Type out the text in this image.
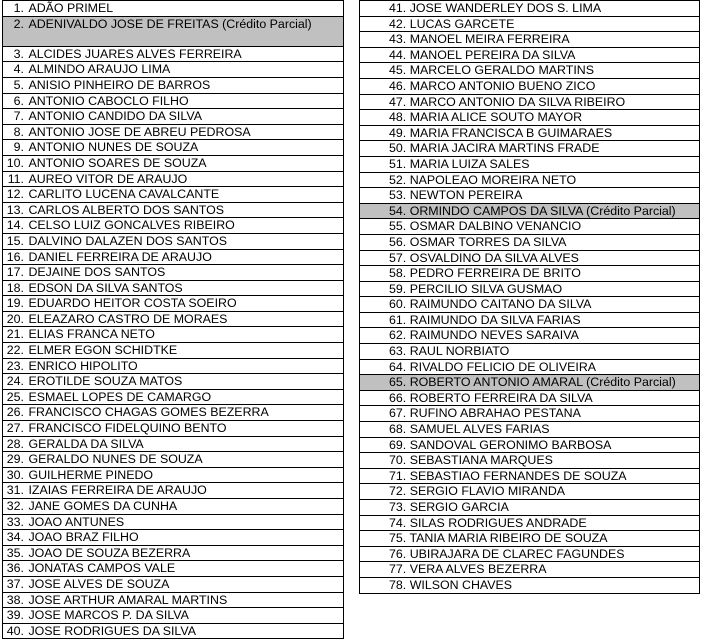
1. ADÃO PRIMEL

2. ADENIVALDO JOSE DE FREITAS (Crédito Parcial)

3. ALCIDES JUARES ALVES FERREIRA
4. ALMINDO ARAUJO LIMA
5. ANISIO PINHEIRO DE BARROS
6. ANTONIO CABOCLO FILHO
7. ANTONIO CANDIDO DA SILVA
8. ANTONIO JOSE DE ABREU PEDROSA
9. ANTONIO NUNES DE SOUZA
10. ANTONIO SOARES DE SOUZA
11. AUREO VITOR DE ARAUJO
12. CARLITO LUCENA CAVALCANTE
13. CARLOS ALBERTO DOS SANTOS
14. CELSO LUIZ GONCALVES RIBEIRO
15. DALVINO DALAZEN DOS SANTOS
16. DANIEL FERREIRA DE ARAUJO
17. DEJAINE DOS SANTOS
18. EDSON DA SILVA SANTOS
19. EDUARDO HEITOR COSTA SOEIRO
20. ELEAZARO CASTRO DE MORAES
21. ELIAS FRANCA NETO
22. ELMER EGON SCHIDTKE
23. ENRICO HIPOLITO
24. EROTILDE SOUZA MATOS
25. ESMAEL LOPES DE CAMARGO
26. FRANCISCO CHAGAS GOMES BEZERRA
27. FRANCISCO FIDELQUINO BENTO
28. GERALDA DA SILVA
29. GERALDO NUNES DE SOUZA
30. GUILHERME PINEDO
31. IZAIAS FERREIRA DE ARAUJO
32. JANE GOMES DA CUNHA
33. JOAO ANTUNES
34. JOAO BRAZ FILHO
35. JOAO DE SOUZA BEZERRA
36. JONATAS CAMPOS VALE
37. JOSE ALVES DE SOUZA
38. JOSE ARTHUR AMARAL MARTINS
39. JOSE MARCOS P. DA SILVA
40. JOSE RODRIGUES DA SILVA
41. JOSE WANDERLEY DOS S. LIMA
42. LUCAS GARCETE
43. MANOEL MEIRA FERREIRA
44. MANOEL PEREIRA DA SILVA
45. MARCELO GERALDO MARTINS
46. MARCO ANTONIO BUENO ZICO
47. MARCO ANTONIO DA SILVA RIBEIRO
48. MARIA ALICE SOUTO MAYOR
49. MARIA FRANCISCA B GUIMARAES
50. MARIA JACIRA MARTINS FRADE
51. MARIA LUIZA SALES
52. NAPOLEAO MOREIRA NETO
53. NEWTON PEREIRA
54. ORMINDO CAMPOS DA SILVA (Crédito Parcial)
55. OSMAR DALBINO VENANCIO
56. OSMAR TORRES DA SILVA
57. OSVALDINO DA SILVA ALVES
58. PEDRO FERREIRA DE BRITO
59. PERCILIO SILVA GUSMAO
60. RAIMUNDO CAITANO DA SILVA
61. RAIMUNDO DA SILVA FARIAS
62. RAIMUNDO NEVES SARAIVA
63. RAUL NORBIATO
64. RIVALDO FELICIO DE OLIVEIRA
65. ROBERTO ANTONIO AMARAL (Crédito Parcial)
66. ROBERTO FERREIRA DA SILVA
67. RUFINO ABRAHAO PESTANA
68. SAMUEL ALVES FARIAS
69. SANDOVAL GERONIMO BARBOSA
70. SEBASTIANA MARQUES
71. SEBASTIAO FERNANDES DE SOUZA
72. SERGIO FLAVIO MIRANDA
73. SERGIO GARCIA
74. SILAS RODRIGUES ANDRADE
75. TANIA MARIA RIBEIRO DE SOUZA
76. UBIRAJARA DE CLAREC FAGUNDES
77. VERA ALVES BEZERRA
78. WILSON CHAVES
